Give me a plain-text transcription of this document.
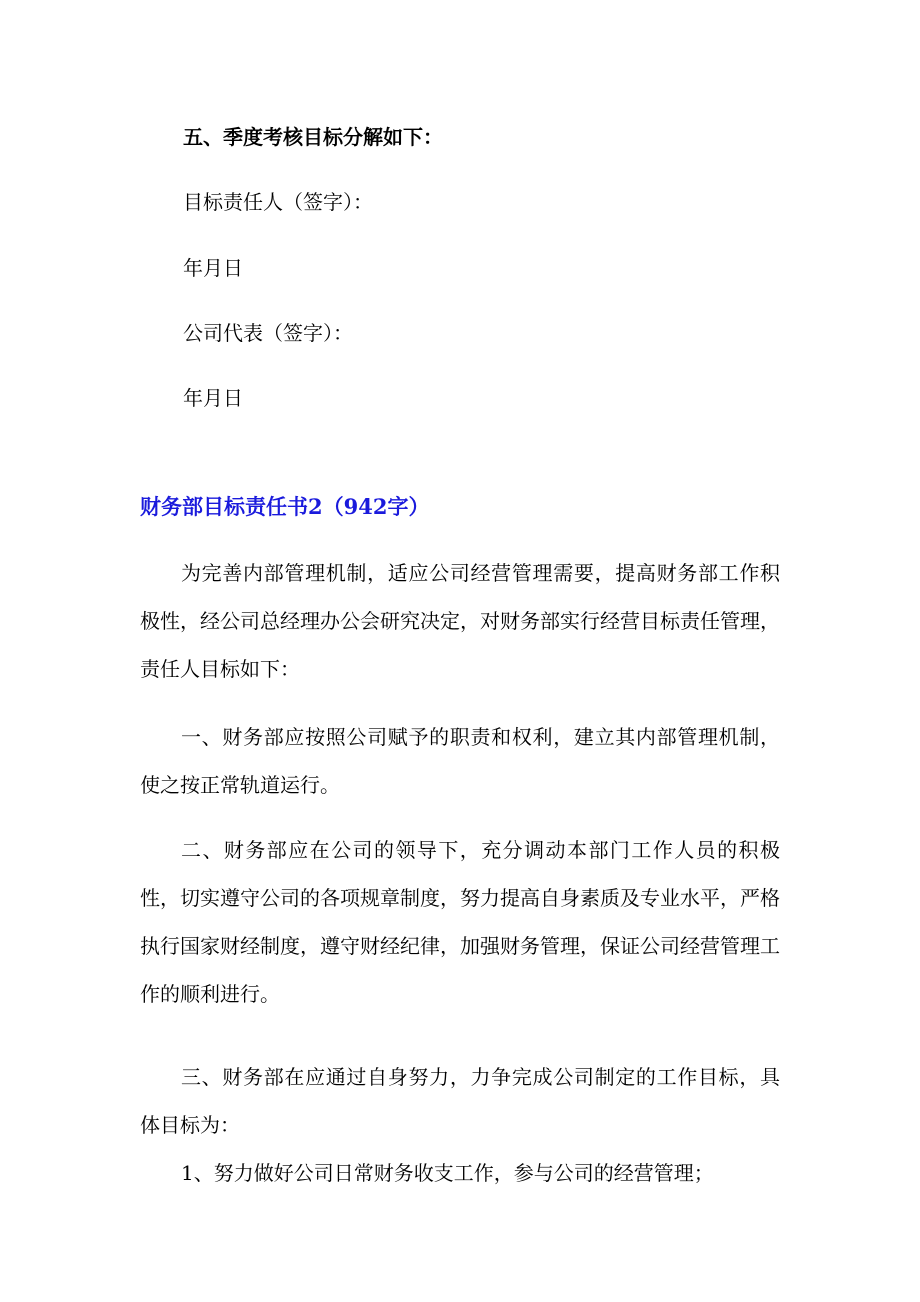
五、季度考核目标分解如下：
目标责任人（签字）：
年月日
公司代表（签字）：
年月日
财务部目标责任书2（942字）
为完善内部管理机制，适应公司经营管理需要，提高财务部工作积极性，经公司总经理办公会研究决定，对财务部实行经营目标责任管理，责任人目标如下：
一、财务部应按照公司赋予的职责和权利，建立其内部管理机制，使之按正常轨道运行。
二、财务部应在公司的领导下，充分调动本部门工作人员的积极性，切实遵守公司的各项规章制度，努力提高自身素质及专业水平，严格执行国家财经制度，遵守财经纪律，加强财务管理，保证公司经营管理工作的顺利进行。
三、财务部在应通过自身努力，力争完成公司制定的工作目标，具体目标为：
1、努力做好公司日常财务收支工作，参与公司的经营管理；
